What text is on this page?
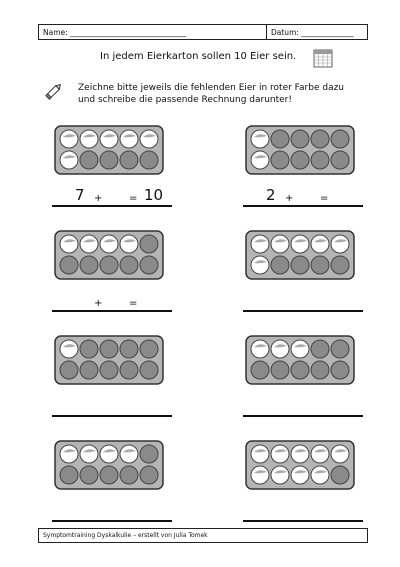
Name: _______________________________	Datum: ______________
In jedem Eierkarton sollen 10 Eier sein.
Zeichne bitte jeweils die fehlenden Eier in roter Farbe dazu
und schreibe die passende Rechnung darunter!
7 +	= 10	2 +	=
+	=
Symptomtraining Dyskalkulie – erstellt von Julia Tomek
